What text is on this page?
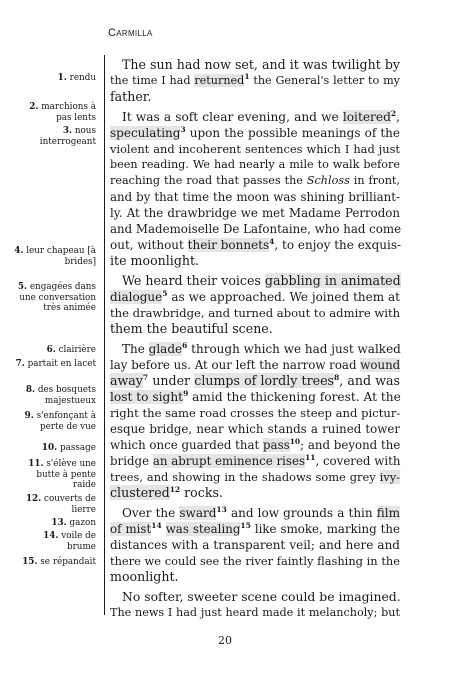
Carmilla
1. rendu
2. marchions à pas lents
3. nous interrogeant
4. leur chapeau [à brides]
5. engagées dans une conversation très animée
6. clairière
7. partait en lacet
8. des bosquets majestueux
9. s'enfonçant à perte de vue
10. passage
11. s'élève une butte à pente raide
12. couverts de lierre
13. gazon
14. voile de brume
15. se répandait
The sun had now set, and it was twilight by
the time I had returned$^1$ the General's letter to my
father.
It was a soft clear evening, and we loitered$^2$,
speculating$^3$ upon the possible meanings of the
violent and incoherent sentences which I had just
been reading. We had nearly a mile to walk before
reaching the road that passes the Schloss in front,
and by that time the moon was shining brilliant-
ly. At the drawbridge we met Madame Perrodon
and Mademoiselle De Lafontaine, who had come
out, without their bonnets$^4$, to enjoy the exquis-
ite moonlight.
We heard their voices gabbling in animated
dialogue$^5$ as we approached. We joined them at
the drawbridge, and turned about to admire with
them the beautiful scene.
The glade$^6$ through which we had just walked
lay before us. At our left the narrow road wound
away$^7$ under clumps of lordly trees$^8$, and was
lost to sight$^9$ amid the thickening forest. At the
right the same road crosses the steep and pictur-
esque bridge, near which stands a ruined tower
which once guarded that pass$^{10}$; and beyond the
bridge an abrupt eminence rises$^{11}$, covered with
trees, and showing in the shadows some grey ivy-
clustered$^{12}$ rocks.
Over the sward$^{13}$ and low grounds a thin film
of mist$^{14}$ was stealing$^{15}$ like smoke, marking the
distances with a transparent veil; and here and
there we could see the river faintly flashing in the
moonlight.
No softer, sweeter scene could be imagined.
The news I had just heard made it melancholy; but
20
